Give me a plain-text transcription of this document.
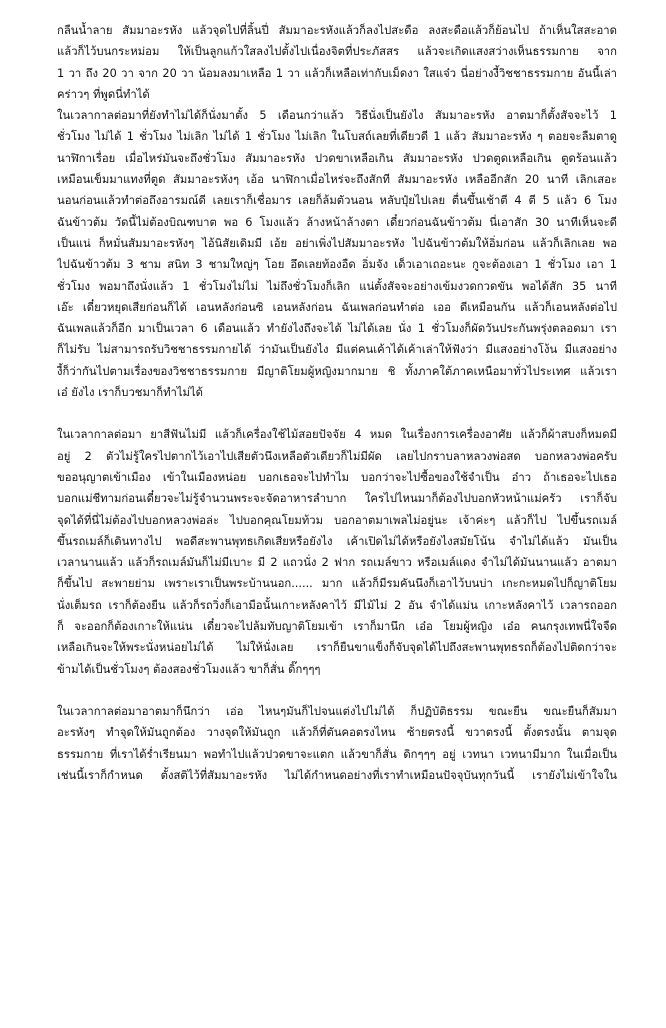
กลืนน้ำลาย สัมมาอะรหัง แล้วจุดไปที่ลิ้นปี่ สัมมาอะรหังแล้วก็ลงไปสะดือ ลงสะดือแล้วก็ย้อนไป ถ้าเห็นใสสะอาด
แล้วก็ไว้บนกระหม่อม ให้เป็นลูกแก้วใสลงไปตั้งไปเนื่องจิตที่ประภัสสร แล้วจะเกิดแสงสว่างเห็นธรรมกาย จาก
1 วา ถึง 20 วา จาก 20 วา น้อมลงมาเหลือ 1 วา แล้วก็เหลือเท่ากับเม็ดงา ใสแจ๋ว นี่อย่างงี้วิชชาธรรมกาย อันนี้เล่า
คร่าวๆ ที่พูดนี่ทำได้
ในเวลากาลต่อมาที่ยังทำไม่ได้ก็นั่งมาตั้ง 5 เดือนกว่าแล้ว วิธีนั่งเป็นยังไง สัมมาอะรหัง อาตมาก็ตั้งสัจจะไว้ 1
ชั่วโมง ไม่ได้ 1 ชั่วโมง ไม่เลิก ไม่ได้ 1 ชั่วโมง ไม่เลิก ในโบสถ์เลยที่เดียวดี 1 แล้ว สัมมาอะรหัง ๆ ตอยจะลืมตาดู
นาฬิกาเรื่อย เมื่อไหร่มันจะถึงชั่วโมง สัมมาอะรหัง ปวดขาเหลือเกิน สัมมาอะรหัง ปวดตูดเหลือเกิน ตูดร้อนแล้ว
เหมือนเข็มมาแทงที่ตูด สัมมาอะรหังๆ เอ้อ นาฬิกาเมื่อไหร่จะถึงสักที สัมมาอะรหัง เหลืออีกสัก 20 นาที เลิกเสอะ
นอนก่อนแล้วทำต่อถึงอารมณ์ดี เลยเราก็เชื่อมาร เลยก็ล้มตัวนอน หลับปุ๋ยไปเลย ตื่นขึ้นเช้าตี 4 ตี 5 แล้ว 6 โมง
ฉันข้าวต้ม วัดนี้ไม่ต้องบิณฑบาต พอ 6 โมงแล้ว ล้างหน้าล้างตา เดี๋ยวก่อนฉันข้าวต้ม นี่เอาสัก 30 นาทีเห็นจะดี
เป็นแน่ ก็หมั่นสัมมาอะรหังๆ ไอ้นิสัยเดิมมี เอ้ย อย่าเพิ่งไปสัมมาอะรหัง ไปฉันข้าวต้มให้อิ่มก่อน แล้วก็เลิกเลย พอ
ไปฉันข้าวต้ม 3 ชาม สนิท 3 ชามใหญ่ๆ โอย อึดเลยท้องอืด อิ่มจัง เด็วเอาเถอะนะ กูจะต้องเอา 1 ชั่วโมง เอา 1
ชั่วโมง พอมาถึงนั่งแล้ว 1 ชั่วโมงไม่ไม่ ไม่ถึงชั่วโมงก็เลิก แน่ตั้งสัจจะอย่างเข้มงวดกวดขัน พอได้สัก 35 นาที
เอ๊ะ เดี๋ยวหยุดเสียก่อนก็ได้ เอนหลังก่อนซิ เอนหลังก่อน ฉันเพลก่อนทำต่อ เออ ดีเหมือนกัน แล้วก็เอนหลังต่อไป
ฉันเพลแล้วก็อีก มาเป็นเวลา 6 เดือนแล้ว ทำยังไงถึงจะได้ ไม่ได้เลย นั่ง 1 ชั่วโมงก็ผัดวันประกันพรุ่งตลอดมา เรา
ก็ไม่รับ ไม่สามารถรับวิชชาธรรมกายได้ ว่ามันเป็นยังไง มีแต่คนเค้าได้เค้าเล่าให้ฟังว่า มีแสงอย่างโง้น มีแสงอย่าง
งี้ก็ว่ากันไปตามเรื่องของวิชชาธรรมกาย มีญาติโยมผู้หญิงมากมาย ชิ ทั้งภาคใต้ภาคเหนือมาทั่วไประเทศ แล้วเรา
เอ๋ ยังไง เราก็บวชมาก็ทำไม่ได้
ในเวลากาลต่อมา ยาสีฟันไม่มี แล้วก็เครื่องใช้ไม้สอยปัจจัย 4 หมด ในเรื่องการเครื่องอาศัย แล้วก็ผ้าสบงก็หมดมี
อยู่ 2 ตัวไม่รู้ใครไปตากไว้เอาไปเสียตัวนึงเหลือตัวเดียวก็ไม่มีผัด เลยไปกราบลาหลวงพ่อสด บอกหลวงพ่อครับ
ขออนุญาตเข้าเมือง เข้าในเมืองหน่อย บอกเธอจะไปทำไม บอกว่าจะไปซื้อของใช้จำเป็น อ๋าว ถ้าเธอจะไปเธอ
บอกแม่ชีทามก่อนเดี๋ยวจะไม่รู้จำนวนพระจะจัดอาหารลำบาก ใครไปไหนมาก็ต้องไปบอกหัวหน้าแม่ครัว เราก็จับ
จุดได้ที่นี่ไม่ต้องไปบอกหลวงพ่อล่ะ ไปบอกคุณโยมท้วม บอกอาตมาเพลไม่อยู่นะ เจ้าค่ะๆ แล้วก็ไป ไปขึ้นรถเมล์
ขึ้นรถเมล์ก็เดินทางไป พอดีสะพานพุทธเกิดเสียหรือยังไง เค้าเปิดไม่ได้หรือยังไงสมัยโน้น จำไม่ได้แล้ว มันเป็น
เวลานานแล้ว แล้วก็รถเมล์มันก็ไม่มีเบาะ มี 2 แถวนั่ง 2 ฟาก รถเมล์ขาว หรือเมล์แดง จำไม่ได้มันนานแล้ว อาตมา
ก็ขึ้นไป สะพายย่าม เพราะเราเป็นพระบ้านนอก...... มาก แล้วก็มีรมคันนึงก็เอาไว้บนบ่า เกะกะหมดไปก็ญาติโยม
นั่งเต็มรถ เราก็ต้องยืน แล้วก็รถวิ่งก็เอามือนั้นเกาะหลังคาไว้ มีไม้ไม่ 2 อัน จำได้แม่น เกาะหลังคาไว้ เวลารถออก
ก็ จะออกก็ต้องเกาะให้แน่น เดี๋ยวจะไปล้มทับญาติโยมเข้า เราก็มานึก เอ๋อ โยมผู้หญิง เอ๋อ คนกรุงเทพนี่ใจจืด
เหลือเกินจะให้พระนั่งหน่อยไม่ได้ ไม่ให้นั่งเลย เราก็ยืนขาแข็งก็จับจุดได้ไปถึงสะพานพุทธรถก็ต้องไปติดกว่าจะ
ข้ามได้เป็นชั่วโมงๆ ต้องสองชั่วโมงแล้ว ขาก็สั่น ดิ๊กๆๆๆ
ในเวลากาลต่อมาอาตมาก็นึกว่า เอ่อ ไหนๆมันก็ไปจนแต่งไปไม่ได้ ก็ปฏิบัติธรรม ขณะยืน ขณะยืนก็สัมมา
อะรหังๆ ทำจุดให้มันถูกต้อง วางจุดให้มันถูก แล้วก็ที่ตันคอตรงไหน ซ้ายตรงนี้ ขวาตรงนี้ ตั้งตรงนั้น ตามจุด
ธรรมกาย ที่เราได้ร่ำเรียนมา พอทำไปแล้วปวดขาจะแตก แล้วขาก็สั่น ดิกๆๆๆ อยู่ เวทนา เวทนามีมาก ในเมื่อเป็น
เช่นนี้เราก็กำหนด ตั้งสติไว้ที่สัมมาอะรหัง ไม่ได้กำหนดอย่างที่เราทำเหมือนปัจจุบันทุกวันนี้ เรายังไม่เข้าใจใน
